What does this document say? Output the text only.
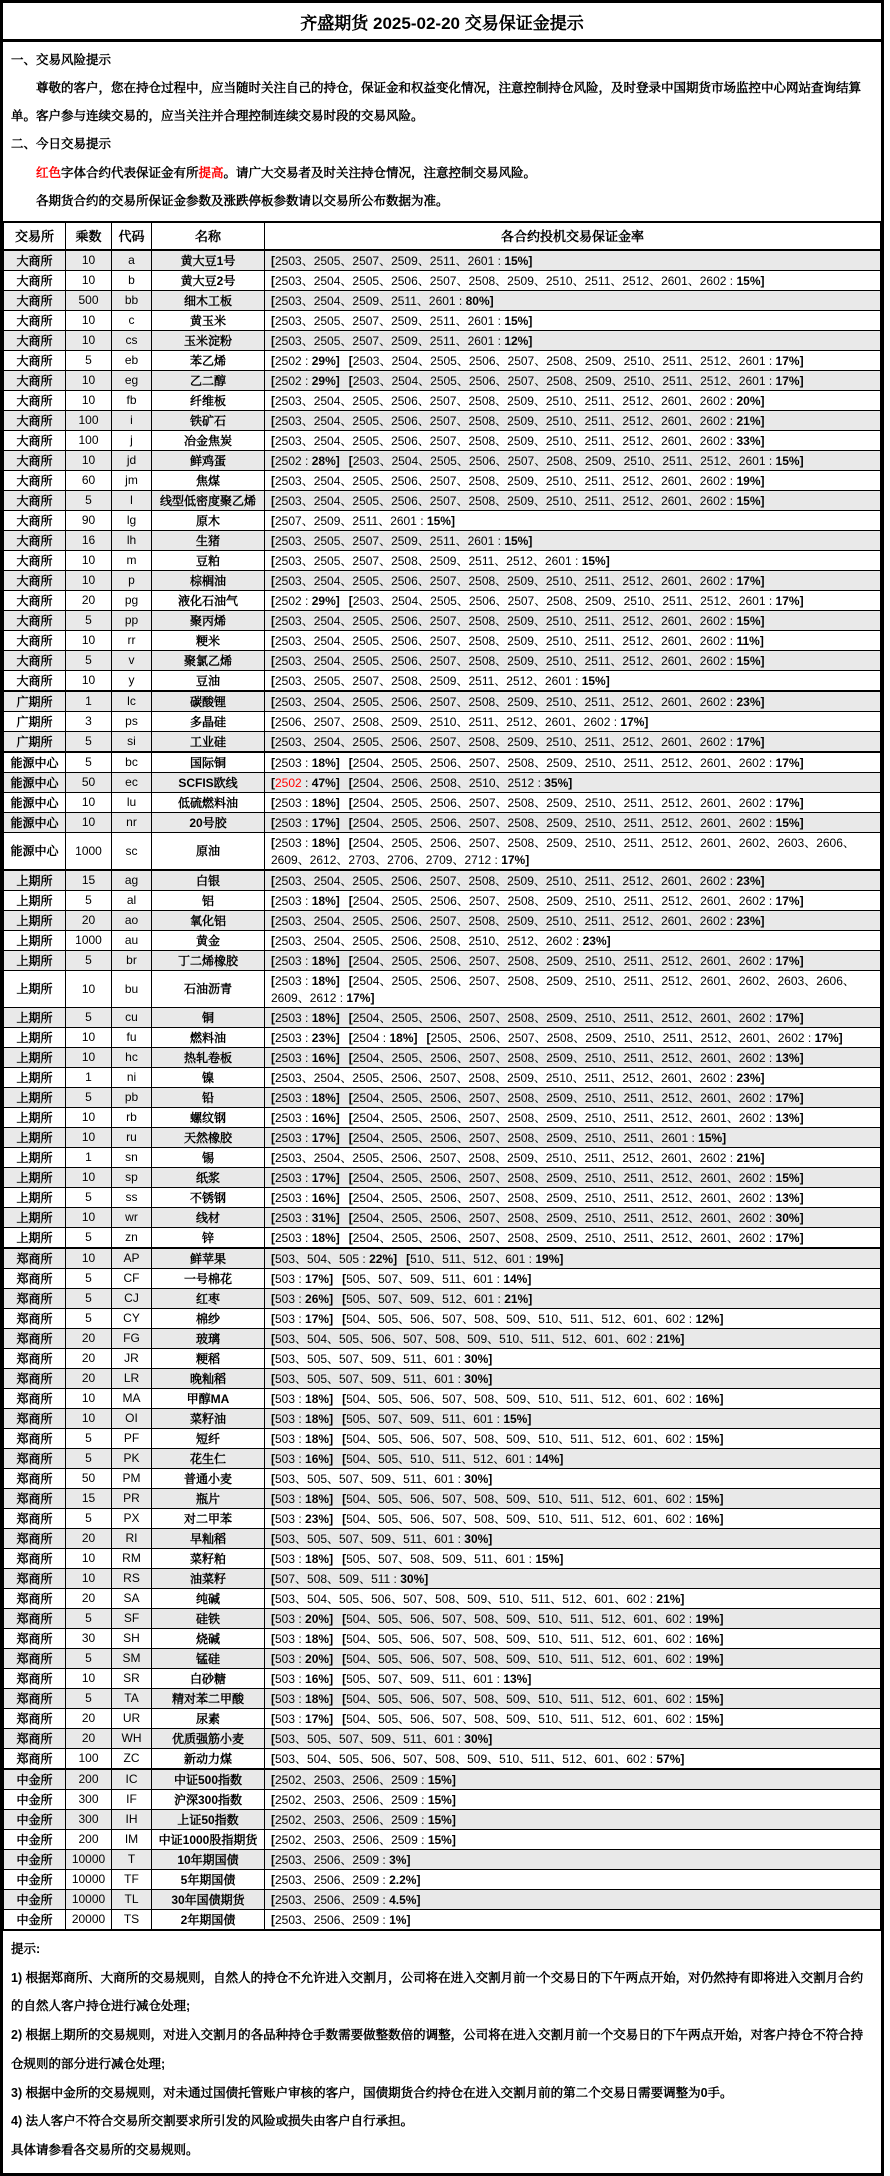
齐盛期货 2025-02-20 交易保证金提示

一、交易风险提示

尊敬的客户，您在持仓过程中，应当随时关注自己的持仓，保证金和权益变化情况，注意控制持仓风险，及时登录中国期货市场监控中心网站查询结算单。客户参与连续交易的，应当关注并合理控制连续交易时段的交易风险。

二、今日交易提示

红色字体合约代表保证金有所提高。请广大交易者及时关注持仓情况，注意控制交易风险。

各期货合约的交易所保证金参数及涨跌停板参数请以交易所公布数据为准。

交易所	乘数	代码	名称	各合约投机交易保证金率
大商所	10	a	黄大豆1号	[2503、2505、2507、2509、2511、2601 : 15%]
大商所	10	b	黄大豆2号	[2503、2504、2505、2506、2507、2508、2509、2510、2511、2512、2601、2602 : 15%]
大商所	500	bb	细木工板	[2503、2504、2509、2511、2601 : 80%]
大商所	10	c	黄玉米	[2503、2505、2507、2509、2511、2601 : 15%]
大商所	10	cs	玉米淀粉	[2503、2505、2507、2509、2511、2601 : 12%]
大商所	5	eb	苯乙烯	[2502 : 29%] [2503、2504、2505、2506、2507、2508、2509、2510、2511、2512、2601 : 17%]
大商所	10	eg	乙二醇	[2502 : 29%] [2503、2504、2505、2506、2507、2508、2509、2510、2511、2512、2601 : 17%]
大商所	10	fb	纤维板	[2503、2504、2505、2506、2507、2508、2509、2510、2511、2512、2601、2602 : 20%]
大商所	100	i	铁矿石	[2503、2504、2505、2506、2507、2508、2509、2510、2511、2512、2601、2602 : 21%]
大商所	100	j	冶金焦炭	[2503、2504、2505、2506、2507、2508、2509、2510、2511、2512、2601、2602 : 33%]
大商所	10	jd	鲜鸡蛋	[2502 : 28%] [2503、2504、2505、2506、2507、2508、2509、2510、2511、2512、2601 : 15%]
大商所	60	jm	焦煤	[2503、2504、2505、2506、2507、2508、2509、2510、2511、2512、2601、2602 : 19%]
大商所	5	l	线型低密度聚乙烯	[2503、2504、2505、2506、2507、2508、2509、2510、2511、2512、2601、2602 : 15%]
大商所	90	lg	原木	[2507、2509、2511、2601 : 15%]
大商所	16	lh	生猪	[2503、2505、2507、2509、2511、2601 : 15%]
大商所	10	m	豆粕	[2503、2505、2507、2508、2509、2511、2512、2601 : 15%]
大商所	10	p	棕榈油	[2503、2504、2505、2506、2507、2508、2509、2510、2511、2512、2601、2602 : 17%]
大商所	20	pg	液化石油气	[2502 : 29%] [2503、2504、2505、2506、2507、2508、2509、2510、2511、2512、2601 : 17%]
大商所	5	pp	聚丙烯	[2503、2504、2505、2506、2507、2508、2509、2510、2511、2512、2601、2602 : 15%]
大商所	10	rr	粳米	[2503、2504、2505、2506、2507、2508、2509、2510、2511、2512、2601、2602 : 11%]
大商所	5	v	聚氯乙烯	[2503、2504、2505、2506、2507、2508、2509、2510、2511、2512、2601、2602 : 15%]
大商所	10	y	豆油	[2503、2505、2507、2508、2509、2511、2512、2601 : 15%]
广期所	1	lc	碳酸锂	[2503、2504、2505、2506、2507、2508、2509、2510、2511、2512、2601、2602 : 23%]
广期所	3	ps	多晶硅	[2506、2507、2508、2509、2510、2511、2512、2601、2602 : 17%]
广期所	5	si	工业硅	[2503、2504、2505、2506、2507、2508、2509、2510、2511、2512、2601、2602 : 17%]
能源中心	5	bc	国际铜	[2503 : 18%] [2504、2505、2506、2507、2508、2509、2510、2511、2512、2601、2602 : 17%]
能源中心	50	ec	SCFIS欧线	[2502 : 47%] [2504、2506、2508、2510、2512 : 35%]
能源中心	10	lu	低硫燃料油	[2503 : 18%] [2504、2505、2506、2507、2508、2509、2510、2511、2512、2601、2602 : 17%]
能源中心	10	nr	20号胶	[2503 : 17%] [2504、2505、2506、2507、2508、2509、2510、2511、2512、2601、2602 : 15%]
能源中心	1000	sc	原油	[2503 : 18%] [2504、2505、2506、2507、2508、2509、2510、2511、2512、2601、2602、2603、2606、2609、2612、2703、2706、2709、2712 : 17%]
上期所	15	ag	白银	[2503、2504、2505、2506、2507、2508、2509、2510、2511、2512、2601、2602 : 23%]
上期所	5	al	铝	[2503 : 18%] [2504、2505、2506、2507、2508、2509、2510、2511、2512、2601、2602 : 17%]
上期所	20	ao	氧化铝	[2503、2504、2505、2506、2507、2508、2509、2510、2511、2512、2601、2602 : 23%]
上期所	1000	au	黄金	[2503、2504、2505、2506、2508、2510、2512、2602 : 23%]
上期所	5	br	丁二烯橡胶	[2503 : 18%] [2504、2505、2506、2507、2508、2509、2510、2511、2512、2601、2602 : 17%]
上期所	10	bu	石油沥青	[2503 : 18%] [2504、2505、2506、2507、2508、2509、2510、2511、2512、2601、2602、2603、2606、2609、2612 : 17%]
上期所	5	cu	铜	[2503 : 18%] [2504、2505、2506、2507、2508、2509、2510、2511、2512、2601、2602 : 17%]
上期所	10	fu	燃料油	[2503 : 23%] [2504 : 18%] [2505、2506、2507、2508、2509、2510、2511、2512、2601、2602 : 17%]
上期所	10	hc	热轧卷板	[2503 : 16%] [2504、2505、2506、2507、2508、2509、2510、2511、2512、2601、2602 : 13%]
上期所	1	ni	镍	[2503、2504、2505、2506、2507、2508、2509、2510、2511、2512、2601、2602 : 23%]
上期所	5	pb	铅	[2503 : 18%] [2504、2505、2506、2507、2508、2509、2510、2511、2512、2601、2602 : 17%]
上期所	10	rb	螺纹钢	[2503 : 16%] [2504、2505、2506、2507、2508、2509、2510、2511、2512、2601、2602 : 13%]
上期所	10	ru	天然橡胶	[2503 : 17%] [2504、2505、2506、2507、2508、2509、2510、2511、2601 : 15%]
上期所	1	sn	锡	[2503、2504、2505、2506、2507、2508、2509、2510、2511、2512、2601、2602 : 21%]
上期所	10	sp	纸浆	[2503 : 17%] [2504、2505、2506、2507、2508、2509、2510、2511、2512、2601、2602 : 15%]
上期所	5	ss	不锈钢	[2503 : 16%] [2504、2505、2506、2507、2508、2509、2510、2511、2512、2601、2602 : 13%]
上期所	10	wr	线材	[2503 : 31%] [2504、2505、2506、2507、2508、2509、2510、2511、2512、2601、2602 : 30%]
上期所	5	zn	锌	[2503 : 18%] [2504、2505、2506、2507、2508、2509、2510、2511、2512、2601、2602 : 17%]
郑商所	10	AP	鲜苹果	[503、504、505 : 22%] [510、511、512、601 : 19%]
郑商所	5	CF	一号棉花	[503 : 17%] [505、507、509、511、601 : 14%]
郑商所	5	CJ	红枣	[503 : 26%] [505、507、509、512、601 : 21%]
郑商所	5	CY	棉纱	[503 : 17%] [504、505、506、507、508、509、510、511、512、601、602 : 12%]
郑商所	20	FG	玻璃	[503、504、505、506、507、508、509、510、511、512、601、602 : 21%]
郑商所	20	JR	粳稻	[503、505、507、509、511、601 : 30%]
郑商所	20	LR	晚籼稻	[503、505、507、509、511、601 : 30%]
郑商所	10	MA	甲醇MA	[503 : 18%] [504、505、506、507、508、509、510、511、512、601、602 : 16%]
郑商所	10	OI	菜籽油	[503 : 18%] [505、507、509、511、601 : 15%]
郑商所	5	PF	短纤	[503 : 18%] [504、505、506、507、508、509、510、511、512、601、602 : 15%]
郑商所	5	PK	花生仁	[503 : 16%] [504、505、510、511、512、601 : 14%]
郑商所	50	PM	普通小麦	[503、505、507、509、511、601 : 30%]
郑商所	15	PR	瓶片	[503 : 18%] [504、505、506、507、508、509、510、511、512、601、602 : 15%]
郑商所	5	PX	对二甲苯	[503 : 23%] [504、505、506、507、508、509、510、511、512、601、602 : 16%]
郑商所	20	RI	早籼稻	[503、505、507、509、511、601 : 30%]
郑商所	10	RM	菜籽粕	[503 : 18%] [505、507、508、509、511、601 : 15%]
郑商所	10	RS	油菜籽	[507、508、509、511 : 30%]
郑商所	20	SA	纯碱	[503、504、505、506、507、508、509、510、511、512、601、602 : 21%]
郑商所	5	SF	硅铁	[503 : 20%] [504、505、506、507、508、509、510、511、512、601、602 : 19%]
郑商所	30	SH	烧碱	[503 : 18%] [504、505、506、507、508、509、510、511、512、601、602 : 16%]
郑商所	5	SM	锰硅	[503 : 20%] [504、505、506、507、508、509、510、511、512、601、602 : 19%]
郑商所	10	SR	白砂糖	[503 : 16%] [505、507、509、511、601 : 13%]
郑商所	5	TA	精对苯二甲酸	[503 : 18%] [504、505、506、507、508、509、510、511、512、601、602 : 15%]
郑商所	20	UR	尿素	[503 : 17%] [504、505、506、507、508、509、510、511、512、601、602 : 15%]
郑商所	20	WH	优质强筋小麦	[503、505、507、509、511、601 : 30%]
郑商所	100	ZC	新动力煤	[503、504、505、506、507、508、509、510、511、512、601、602 : 57%]
中金所	200	IC	中证500指数	[2502、2503、2506、2509 : 15%]
中金所	300	IF	沪深300指数	[2502、2503、2506、2509 : 15%]
中金所	300	IH	上证50指数	[2502、2503、2506、2509 : 15%]
中金所	200	IM	中证1000股指期货	[2502、2503、2506、2509 : 15%]
中金所	10000	T	10年期国债	[2503、2506、2509 : 3%]
中金所	10000	TF	5年期国债	[2503、2506、2509 : 2.2%]
中金所	10000	TL	30年国债期货	[2503、2506、2509 : 4.5%]
中金所	20000	TS	2年期国债	[2503、2506、2509 : 1%]

提示:

1) 根据郑商所、大商所的交易规则，自然人的持仓不允许进入交割月，公司将在进入交割月前一个交易日的下午两点开始，对仍然持有即将进入交割月合约的自然人客户持仓进行减仓处理;

2) 根据上期所的交易规则，对进入交割月的各品种持仓手数需要做整数倍的调整，公司将在进入交割月前一个交易日的下午两点开始，对客户持仓不符合持仓规则的部分进行减仓处理;

3) 根据中金所的交易规则，对未通过国债托管账户审核的客户，国债期货合约持仓在进入交割月前的第二个交易日需要调整为0手。

4) 法人客户不符合交易所交割要求所引发的风险或损失由客户自行承担。

具体请参看各交易所的交易规则。
